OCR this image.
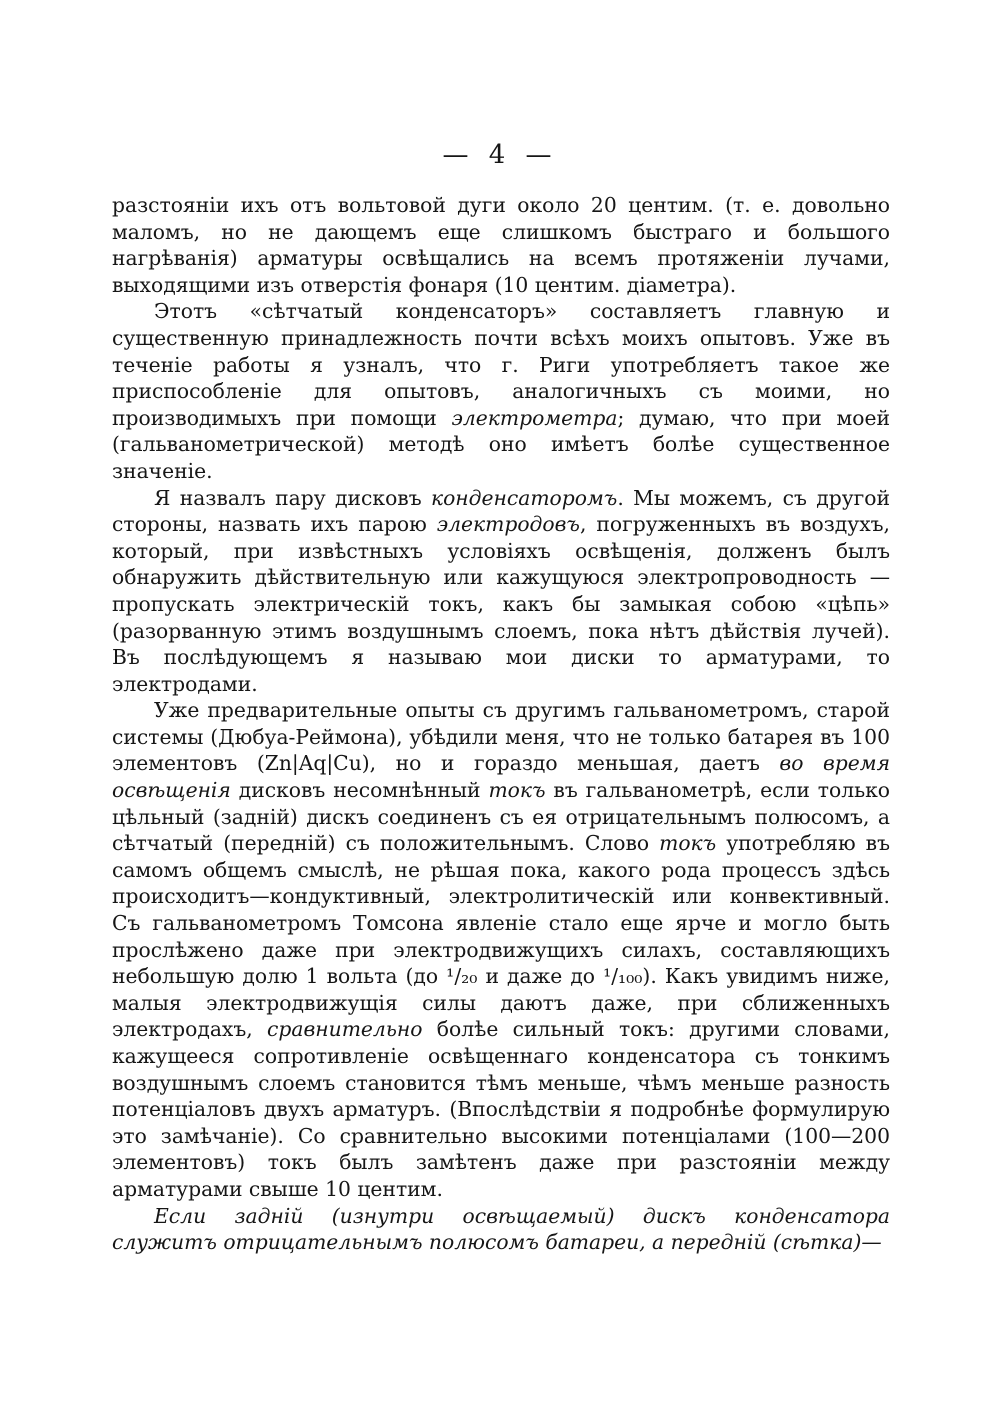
— 4 —

разстояніи ихъ отъ вольтовой дуги около 20 центим. (т. е. довольно маломъ, но не дающемъ еще слишкомъ быстраго и большого нагрѣванія) арматуры освѣщались на всемъ протяженіи лучами, выходящими изъ отверстія фонаря (10 центим. діаметра).

Этотъ «сѣтчатый конденсаторъ» составляетъ главную и существенную принадлежность почти всѣхъ моихъ опытовъ. Уже въ теченіе работы я узналъ, что г. Риги употребляетъ такое же приспособленіе для опытовъ, аналогичныхъ съ моими, но производимыхъ при помощи электрометра; думаю, что при моей (гальванометрической) методѣ оно имѣетъ болѣе существенное значеніе.

Я назвалъ пару дисковъ конденсаторомъ. Мы можемъ, съ другой стороны, назвать ихъ парою электродовъ, погруженныхъ въ воздухъ, который, при извѣстныхъ условіяхъ освѣщенія, долженъ былъ обнаружить дѣйствительную или кажущуюся электропроводность — пропускать электрическій токъ, какъ бы замыкая собою «цѣпь» (разорванную этимъ воздушнымъ слоемъ, пока нѣтъ дѣйствія лучей). Въ послѣдующемъ я называю мои диски то арматурами, то электродами.

Уже предварительные опыты съ другимъ гальванометромъ, старой системы (Дюбуа-Реймона), убѣдили меня, что не только батарея въ 100 элементовъ (Zn|Aq|Cu), но и гораздо меньшая, даетъ во время освѣщенія дисковъ несомнѣнный токъ въ гальванометрѣ, если только цѣльный (задній) дискъ соединенъ съ ея отрицательнымъ полюсомъ, а сѣтчатый (передній) съ положительнымъ. Слово токъ употребляю въ самомъ общемъ смыслѣ, не рѣшая пока, какого рода процессъ здѣсь происходитъ—кондуктивный, электролитическій или конвективный. Съ гальванометромъ Томсона явленіе стало еще ярче и могло быть прослѣжено даже при электродвижущихъ силахъ, составляющихъ небольшую долю 1 вольта (до ¹/₂₀ и даже до ¹/₁₀₀). Какъ увидимъ ниже, малыя электродвижущія силы даютъ даже, при сближенныхъ электродахъ, сравнительно болѣе сильный токъ: другими словами, кажущееся сопротивленіе освѣщеннаго конденсатора съ тонкимъ воздушнымъ слоемъ становится тѣмъ меньше, чѣмъ меньше разность потенціаловъ двухъ арматуръ. (Впослѣдствіи я подробнѣе формулирую это замѣчаніе). Со сравнительно высокими потенціалами (100—200 элементовъ) токъ былъ замѣтенъ даже при разстояніи между арматурами свыше 10 центим.

Если задній (изнутри освѣщаемый) дискъ конденсатора служитъ отрицательнымъ полюсомъ батареи, а передній (сѣтка)—
